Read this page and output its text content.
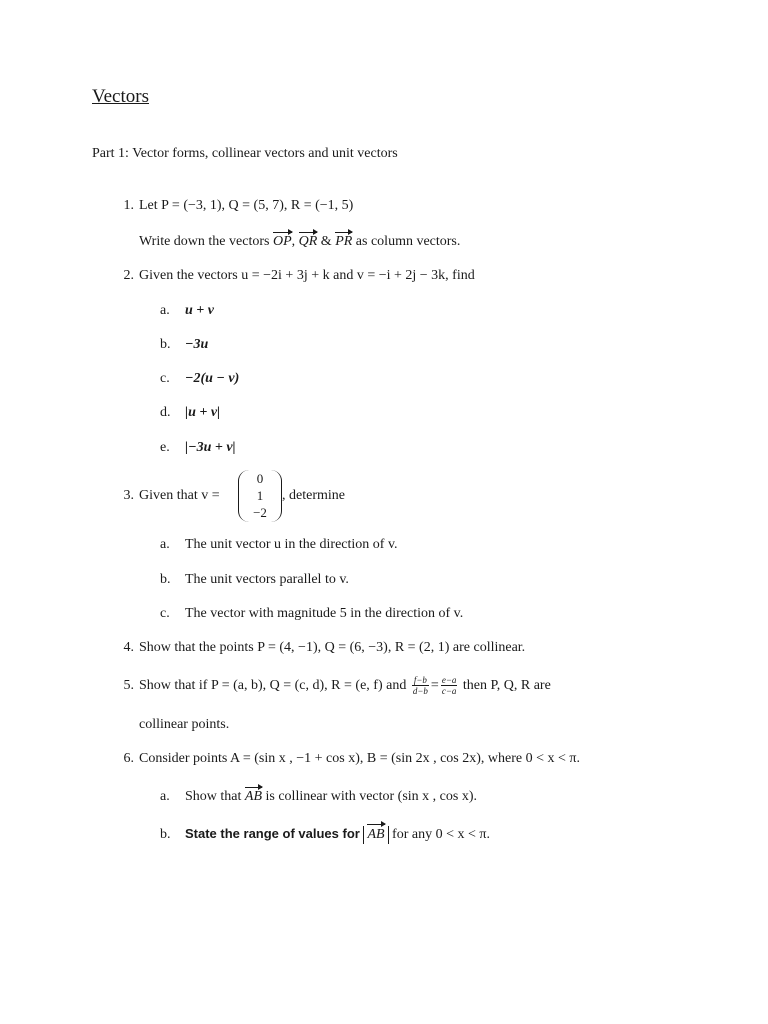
Vectors
Part 1: Vector forms, collinear vectors and unit vectors
1. Let P = (−3, 1), Q = (5, 7), R = (−1, 5)
Write down the vectors OP, QR & PR as column vectors.
2. Given the vectors u = −2i + 3j + k and v = −i + 2j − 3k, find
a.	u + v
b.	−3u
c.	−2(u − v)
d.	|u + v|
e.	|−3u + v|
3. Given that v =
0
1
−2
, determine
a.	The unit vector u in the direction of v.
b.	The unit vectors parallel to v.
c.	The vector with magnitude 5 in the direction of v.
4. Show that the points P = (4, −1), Q = (6, −3), R = (2, 1) are collinear.
5. Show that if P = (a, b), Q = (c, d), R = (e, f) and $\frac{f-b}{d-b} = \frac{e-a}{c-a}$ then P, Q, R are
collinear points.
6. Consider points A = (sin x , −1 + cos x), B = (sin 2x , cos 2x), where 0 < x < π.
a.	Show that AB is collinear with vector (sin x , cos x).
b.	State the range of values for AB for any 0 < x < π.
